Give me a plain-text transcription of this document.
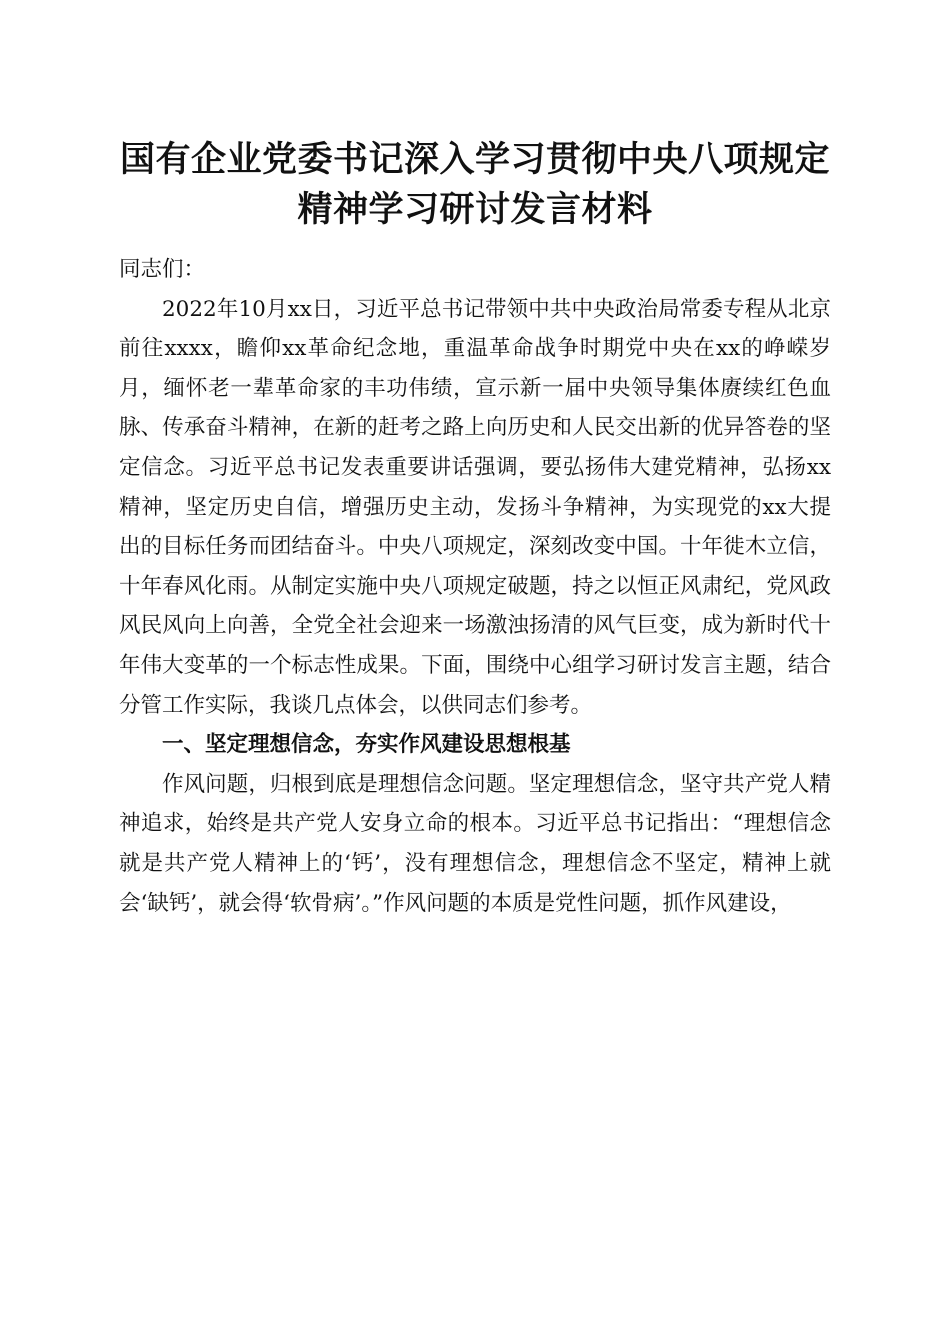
国有企业党委书记深入学习贯彻中央八项规定
精神学习研讨发言材料

同志们：

2022年10月xx日，习近平总书记带领中共中央政治局常委专程从北京前往xxxx，瞻仰xx革命纪念地，重温革命战争时期党中央在xx的峥嵘岁月，缅怀老一辈革命家的丰功伟绩，宣示新一届中央领导集体赓续红色血脉、传承奋斗精神，在新的赶考之路上向历史和人民交出新的优异答卷的坚定信念。习近平总书记发表重要讲话强调，要弘扬伟大建党精神，弘扬xx精神，坚定历史自信，增强历史主动，发扬斗争精神，为实现党的xx大提出的目标任务而团结奋斗。中央八项规定，深刻改变中国。十年徙木立信，十年春风化雨。从制定实施中央八项规定破题，持之以恒正风肃纪，党风政风民风向上向善，全党全社会迎来一场激浊扬清的风气巨变，成为新时代十年伟大变革的一个标志性成果。下面，围绕中心组学习研讨发言主题，结合分管工作实际，我谈几点体会，以供同志们参考。

一、坚定理想信念，夯实作风建设思想根基

作风问题，归根到底是理想信念问题。坚定理想信念，坚守共产党人精神追求，始终是共产党人安身立命的根本。习近平总书记指出：“理想信念就是共产党人精神上的‘钙’，没有理想信念，理想信念不坚定，精神上就会‘缺钙’，就会得‘软骨病’。”作风问题的本质是党性问题，抓作风建设，
